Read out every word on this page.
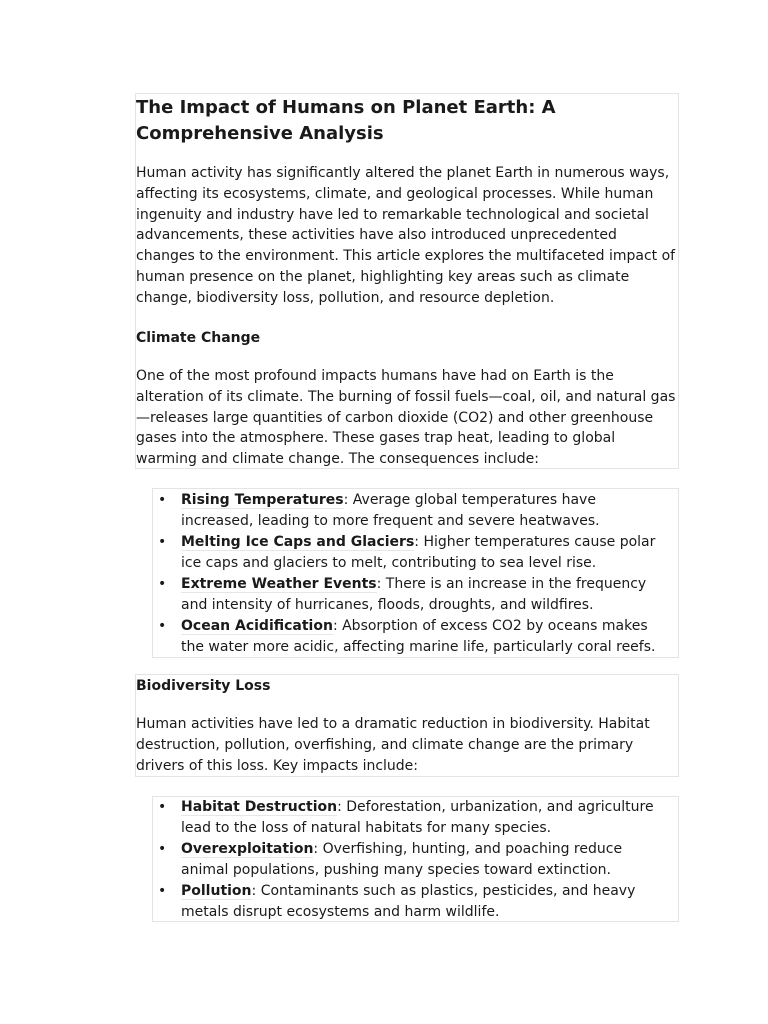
The Impact of Humans on Planet Earth: A Comprehensive Analysis

Human activity has significantly altered the planet Earth in numerous ways, affecting its ecosystems, climate, and geological processes. While human ingenuity and industry have led to remarkable technological and societal advancements, these activities have also introduced unprecedented changes to the environment. This article explores the multifaceted impact of human presence on the planet, highlighting key areas such as climate change, biodiversity loss, pollution, and resource depletion.

Climate Change

One of the most profound impacts humans have had on Earth is the alteration of its climate. The burning of fossil fuels—coal, oil, and natural gas—releases large quantities of carbon dioxide (CO2) and other greenhouse gases into the atmosphere. These gases trap heat, leading to global warming and climate change. The consequences include:

• Rising Temperatures: Average global temperatures have increased, leading to more frequent and severe heatwaves.
• Melting Ice Caps and Glaciers: Higher temperatures cause polar ice caps and glaciers to melt, contributing to sea level rise.
• Extreme Weather Events: There is an increase in the frequency and intensity of hurricanes, floods, droughts, and wildfires.
• Ocean Acidification: Absorption of excess CO2 by oceans makes the water more acidic, affecting marine life, particularly coral reefs.
Biodiversity Loss

Human activities have led to a dramatic reduction in biodiversity. Habitat destruction, pollution, overfishing, and climate change are the primary drivers of this loss. Key impacts include:

• Habitat Destruction: Deforestation, urbanization, and agriculture lead to the loss of natural habitats for many species.
• Overexploitation: Overfishing, hunting, and poaching reduce animal populations, pushing many species toward extinction.
• Pollution: Contaminants such as plastics, pesticides, and heavy metals disrupt ecosystems and harm wildlife.
